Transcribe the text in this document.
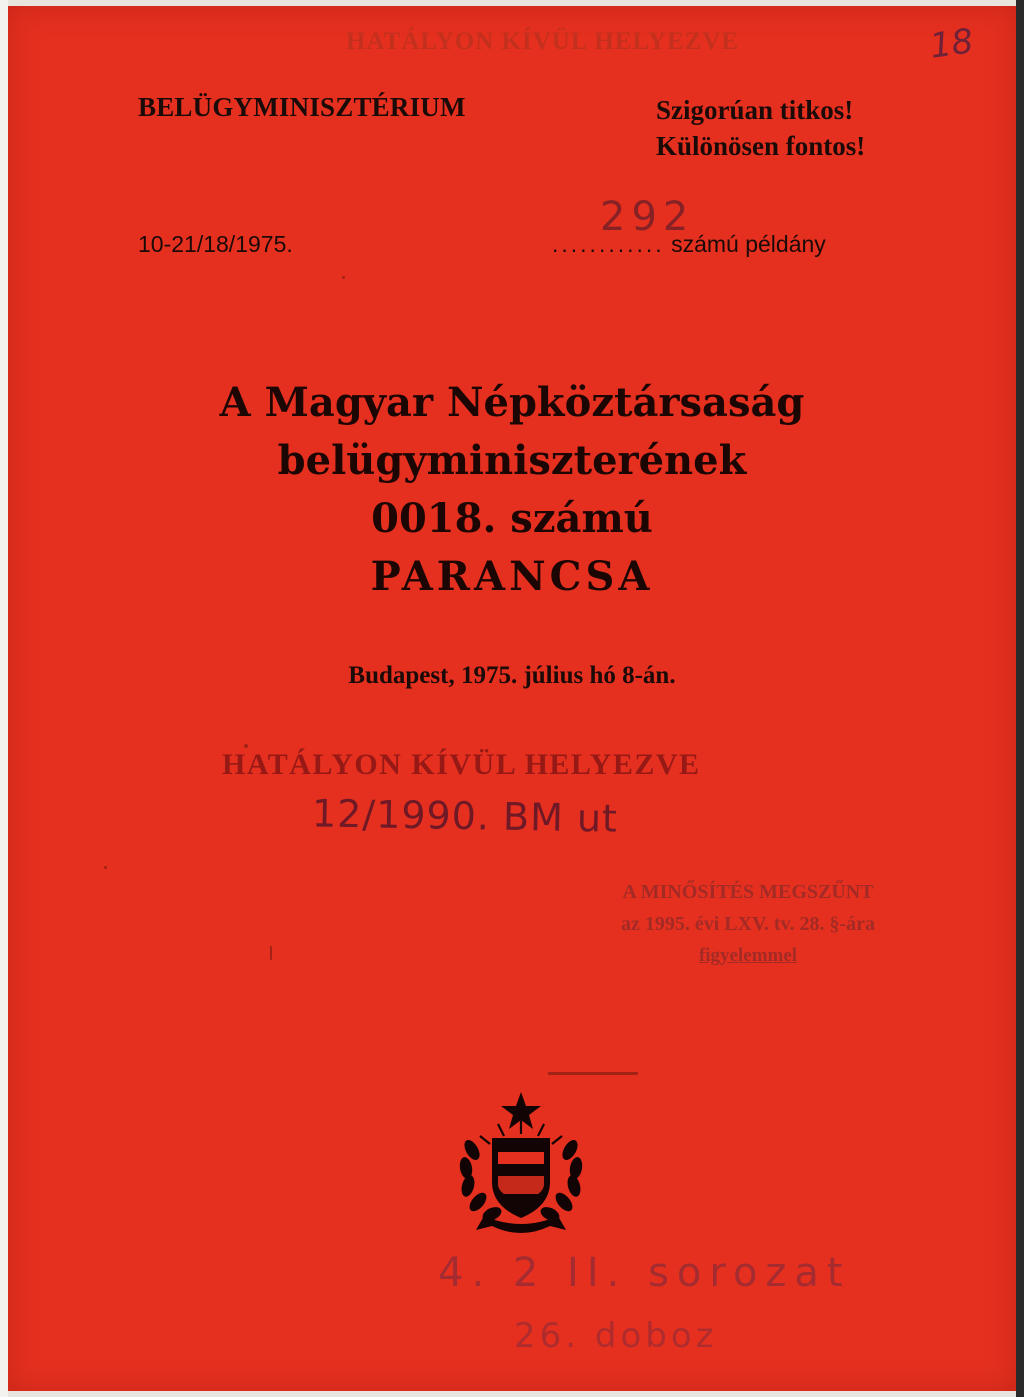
HATÁLYON KÍVÜL HELYEZVE	18
BELÜGYMINISZTÉRIUM	Szigorúan titkos!
Különösen fontos!
10-21/18/1975.
292
............ számú példány
A Magyar Népköztársaság
belügyminiszterének
0018. számú
PARANCSA
Budapest, 1975. július hó 8-án.
HATÁLYON KÍVÜL HELYEZVE
12/1990. BM ut
A MINŐSÍTÉS MEGSZŰNT
az 1995. évi LXV. tv. 28. §-ára
figyelemmel
4. 2 II. sorozat
26. doboz
